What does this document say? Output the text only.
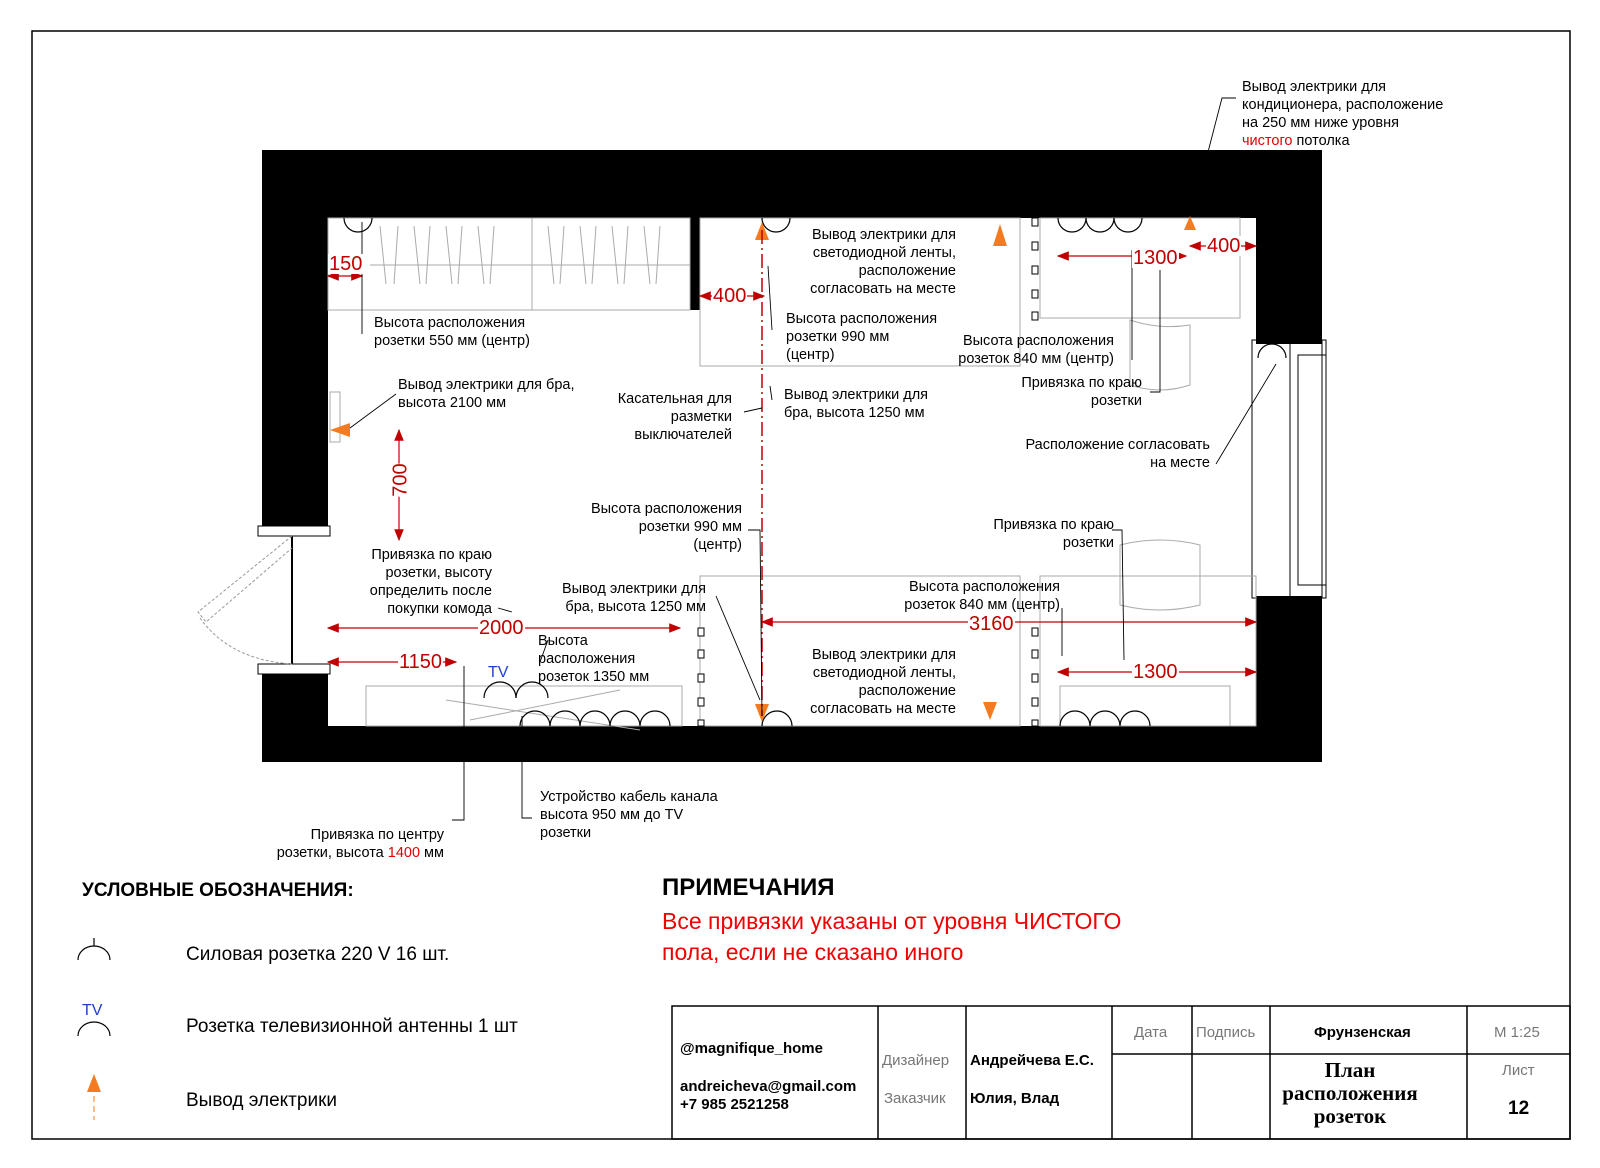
Вывод электрики для
кондиционера, расположение
на 250 мм ниже уровня
чистого потолка

Высота расположения
розетки 550 мм (центр)
Вывод электрики для бра,
высота 2100 мм	Касательная для
разметки
выключателей
Вывод электрики для
светодиодной ленты,
расположение
согласовать на месте
Высота расположения
розетки 990 мм
(центр)
Вывод электрики для
бра, высота 1250 мм
Высота расположения
розеток 840 мм (центр)
Привязка по краю
розетки
Расположение согласовать
на месте
Высота расположения
розетки 990 мм
(центр)
Привязка по краю
розетки, высоту
определить после
покупки комода
Вывод электрики для
бра, высота 1250 мм
Высота
расположения
розеток 1350 мм
Привязка по краю
розетки
Высота расположения
розеток 840 мм (центр)
Вывод электрики для
светодиодной ленты,
расположение
согласовать на месте

Привязка по центру
розетки, высота 1400 мм

Устройство кабель канала
высота 950 мм до TV
розетки
TV
150
400
1300
400
700
2000
1150
3160
1300
УСЛОВНЫЕ ОБОЗНАЧЕНИЯ:
Силовая розетка 220 V 16 шт.
TV
Розетка телевизионной антенны 1 шт
Вывод электрики
ПРИМЕЧАНИЯ
Все привязки указаны от уровня ЧИСТОГО
пола, если не сказано иного
@magnifique_home
andreicheva@gmail.com
+7 985 2521258
Дизайнер Андрейчева Е.С.
Заказчик Юлия, Влад
Дата Подпись	Фрунзенская	М 1:25
Лист
12
План
расположения
розеток
